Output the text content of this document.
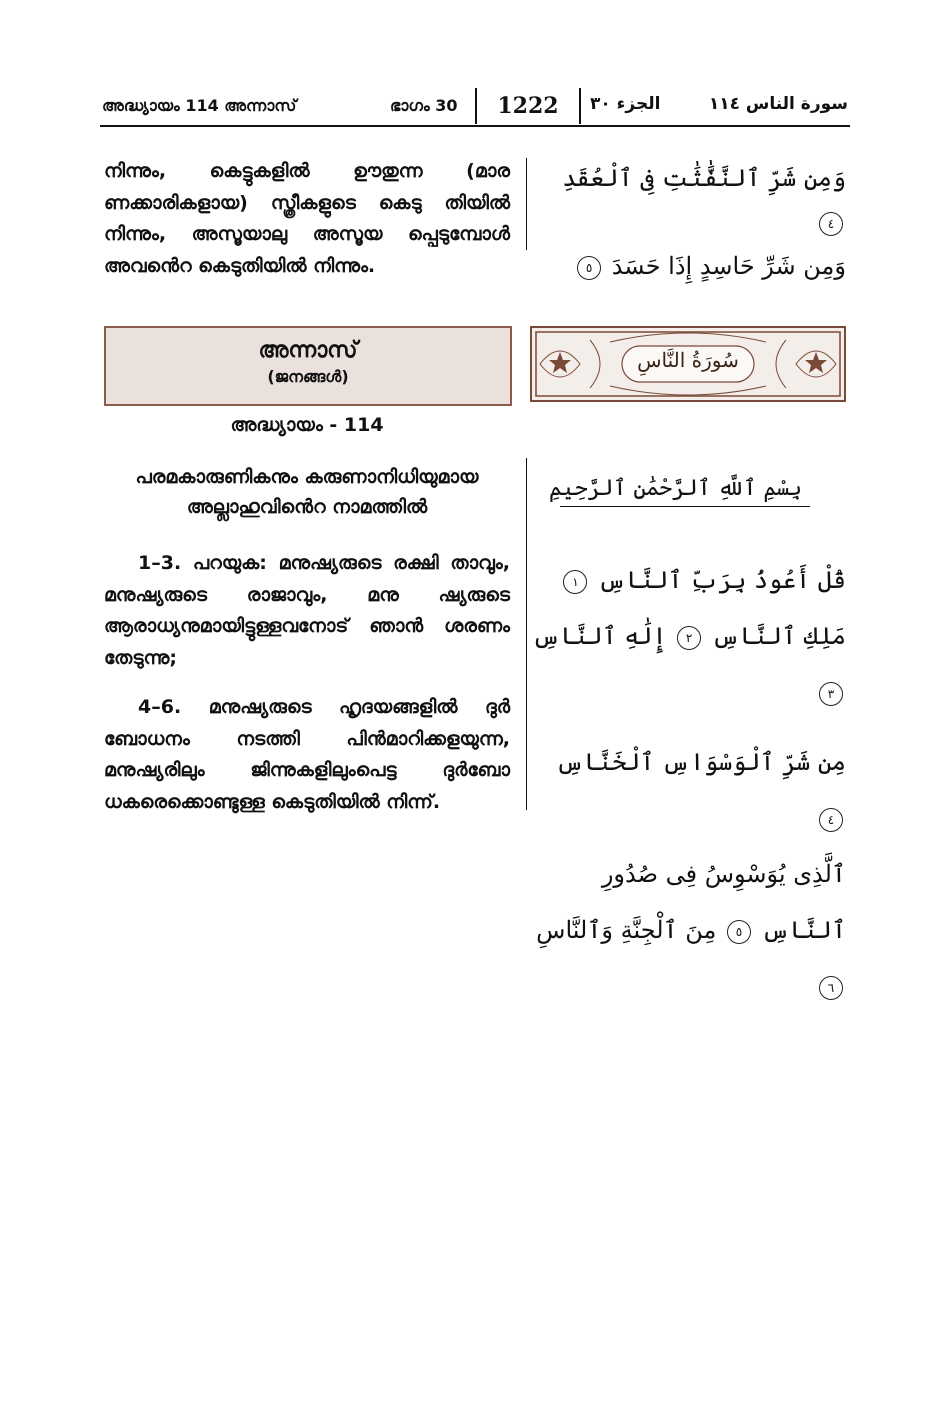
അദ്ധ്യായം 114 അന്നാസ്	ഭാഗം 30	1222	الجزء ٣٠	سورة الناس ١١٤

നിന്നും, കെട്ടുകളിൽ ഊതുന്ന (മാര ണക്കാരികളായ) സ്ത്രീകളുടെ കെടു തിയിൽ നിന്നും, അസൂയാലു അസൂയ പ്പെടുമ്പോൾ അവൻെറ കെടുതിയിൽ നിന്നും.

وَمِن شَرِّ ٱلنَّفَّٰثَٰتِ فِى ٱلْعُقَدِ ٤
وَمِن شَرِّ حَاسِدٍ إِذَا حَسَدَ ٥
അന്നാസ്
(ജനങ്ങൾ)
سُورَةُ النَّاسِ
അദ്ധ്യായം - 114
പരമകാരുണികനും കരുണാനിധിയുമായ അല്ലാഹുവിൻെറ നാമത്തിൽ
بِسْمِ ٱللَّهِ ٱلرَّحْمَٰنِ ٱلرَّحِيمِ

1–3. പറയുക: മനുഷ്യരുടെ രക്ഷി താവും, മനുഷ്യരുടെ രാജാവും, മനു ഷ്യരുടെ ആരാധ്യനുമായിട്ടുള്ളവനോട് ഞാൻ ശരണം തേടുന്നു;

4–6. മനുഷ്യരുടെ ഹൃദയങ്ങളിൽ ദുർ ബോധനം നടത്തി പിൻമാറിക്കളയുന്ന, മനുഷ്യരിലും ജിന്നുകളിലുംപെട്ട ദുർബോ ധകരെക്കൊണ്ടുള്ള കെടുതിയിൽ നിന്ന്.

قُلْ أَعُوذُ بِرَبِّ ٱلنَّاسِ ١
مَلِكِ ٱلنَّاسِ ٢ إِلَٰهِ ٱلنَّاسِ ٣
مِن شَرِّ ٱلْوَسْوَاسِ ٱلْخَنَّاسِ ٤
ٱلَّذِى يُوَسْوِسُ فِى صُدُورِ
ٱلنَّاسِ ٥ مِنَ ٱلْجِنَّةِ وَٱلنَّاسِ ٦
